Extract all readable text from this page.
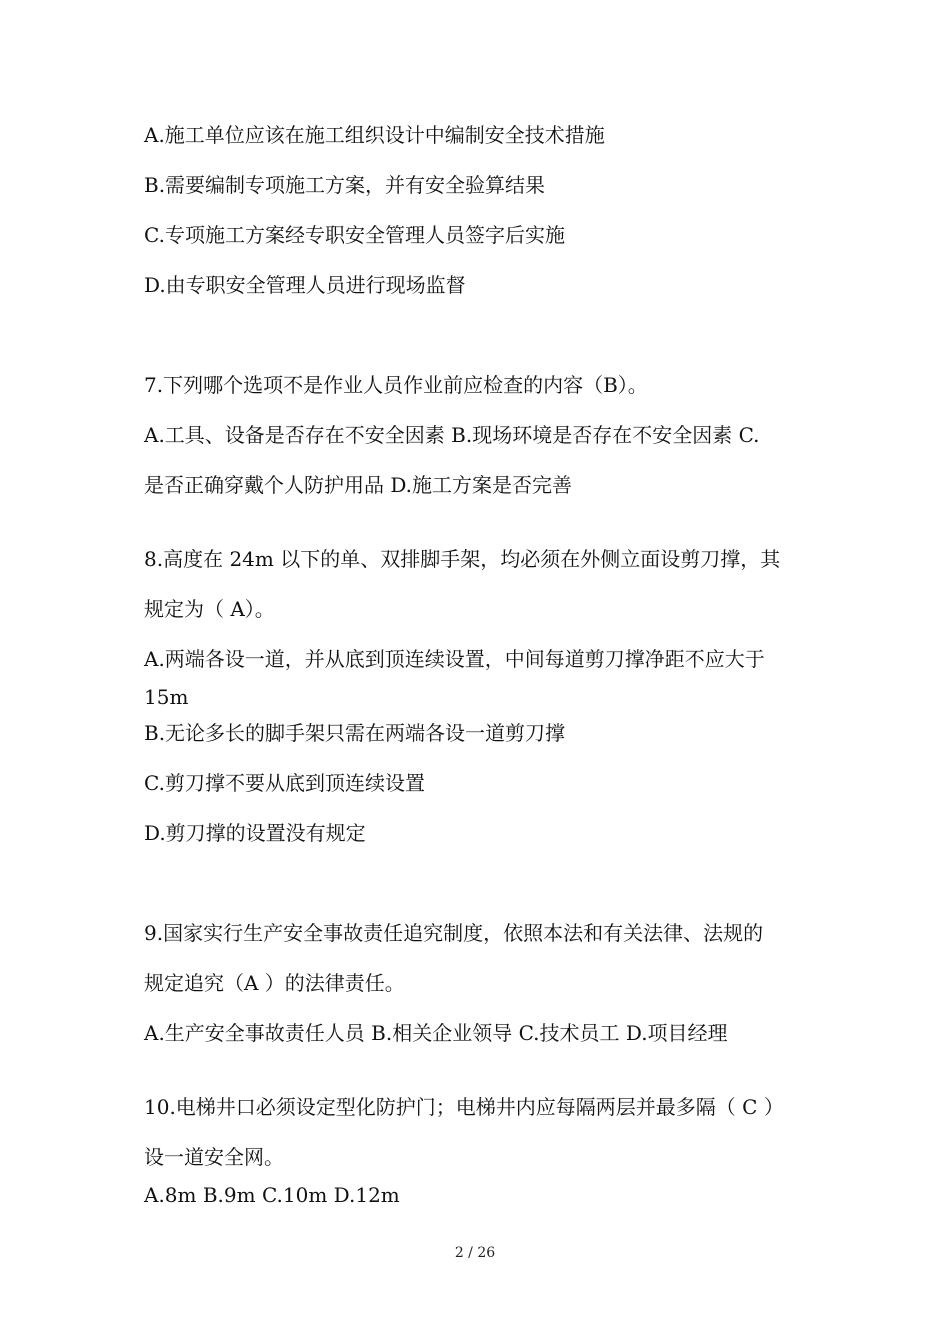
A.施工单位应该在施工组织设计中编制安全技术措施
B.需要编制专项施工方案，并有安全验算结果
C.专项施工方案经专职安全管理人员签字后实施
D.由专职安全管理人员进行现场监督
7.下列哪个选项不是作业人员作业前应检查的内容（B）。
A.工具、设备是否存在不安全因素 B.现场环境是否存在不安全因素 C.
是否正确穿戴个人防护用品 D.施工方案是否完善
8.高度在 24m 以下的单、双排脚手架，均必须在外侧立面设剪刀撑，其
规定为（ A）。
A.两端各设一道，并从底到顶连续设置，中间每道剪刀撑净距不应大于
15m
B.无论多长的脚手架只需在两端各设一道剪刀撑
C.剪刀撑不要从底到顶连续设置
D.剪刀撑的设置没有规定
9.国家实行生产安全事故责任追究制度，依照本法和有关法律、法规的
规定追究（A ）的法律责任。
A.生产安全事故责任人员 B.相关企业领导 C.技术员工 D.项目经理
10.电梯井口必须设定型化防护门；电梯井内应每隔两层并最多隔（ C ）
设一道安全网。
A.8m B.9m C.10m D.12m
2 / 26
